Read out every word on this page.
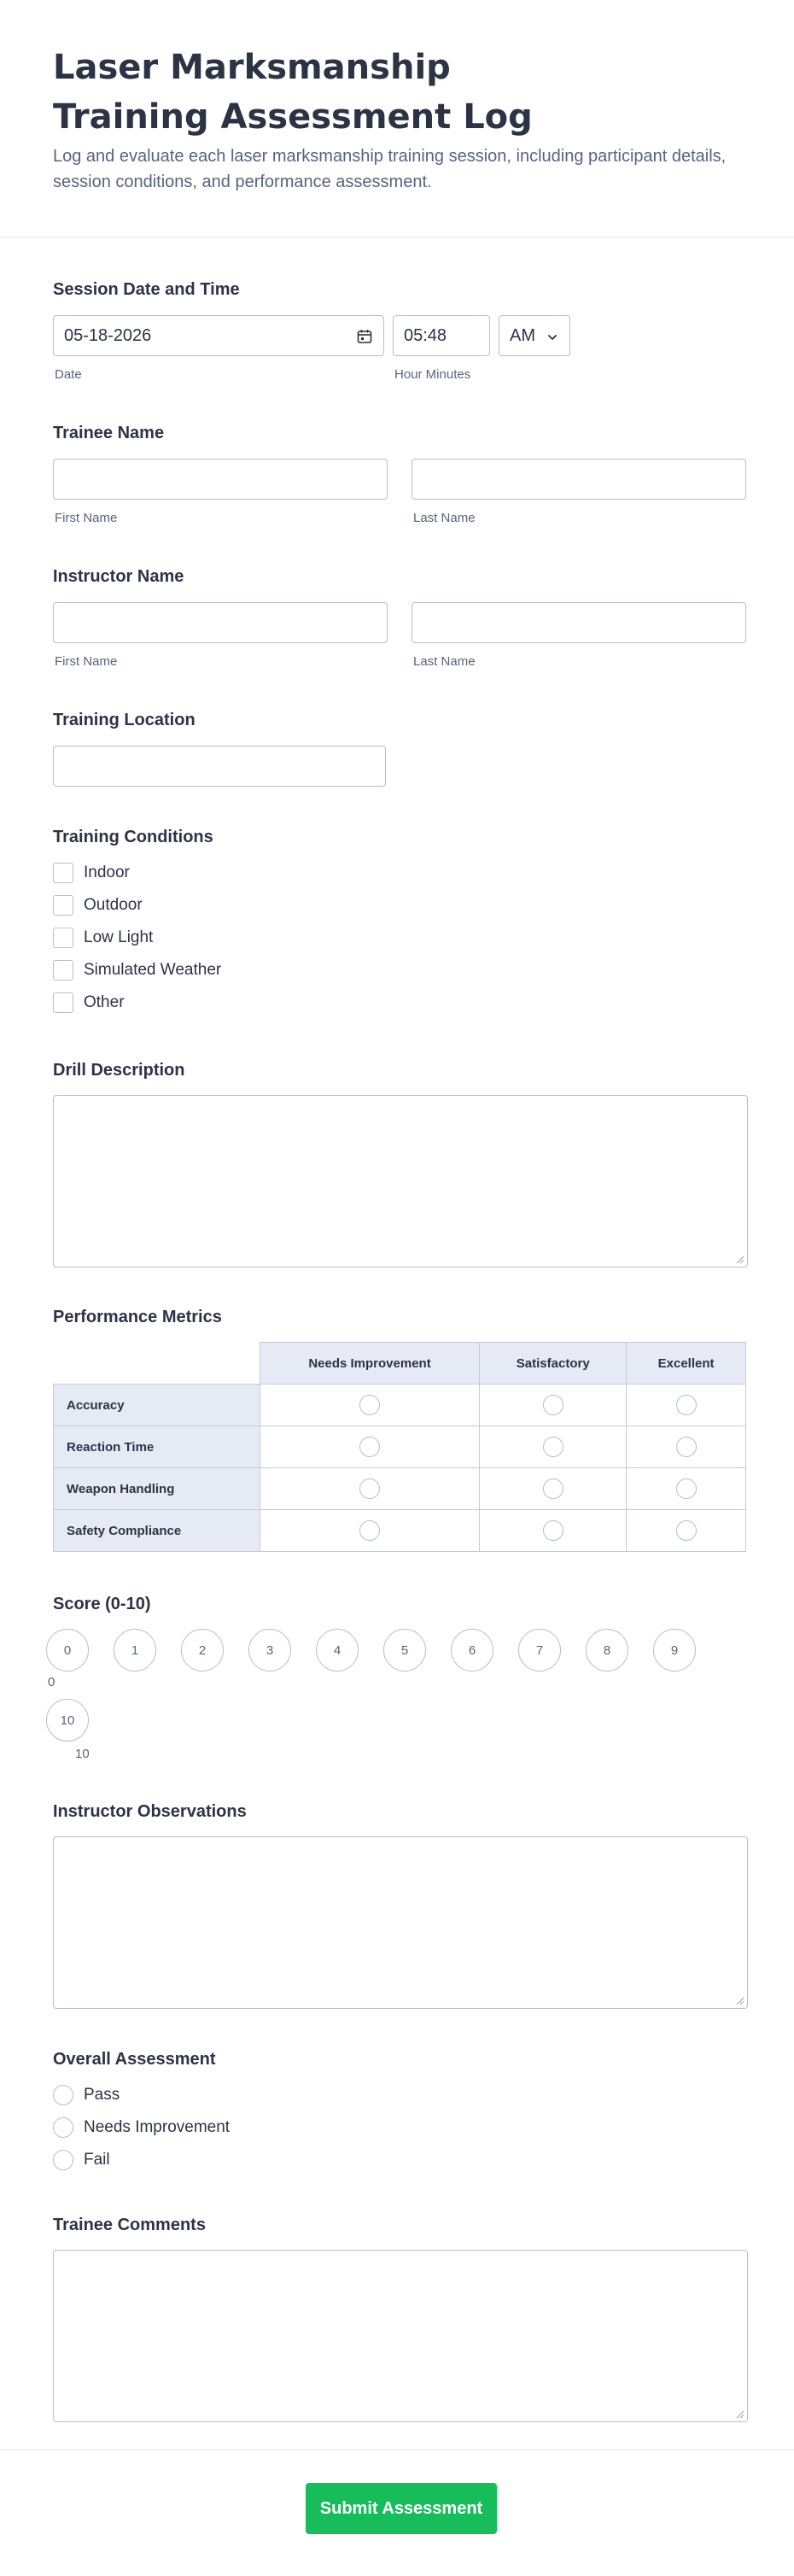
Laser Marksmanship Training Assessment Log

Log and evaluate each laser marksmanship training session, including participant details, session conditions, and performance assessment.

Session Date and Time
05-18-2026	05:48	AM
Date	Hour Minutes
Trainee Name
First Name	Last Name
Instructor Name
First Name	Last Name
Training Location
Training Conditions
Indoor
Outdoor
Low Light
Simulated Weather
Other
Drill Description
Performance Metrics
	Needs Improvement	Satisfactory	Excellent
Accuracy			
Reaction Time			
Weapon Handling			
Safety Compliance			
Score (0-10)
0	1	2	3	4	5	6	7	8	9
0
10
10
Instructor Observations
Overall Assessment
Pass
Needs Improvement
Fail
Trainee Comments
Submit Assessment
